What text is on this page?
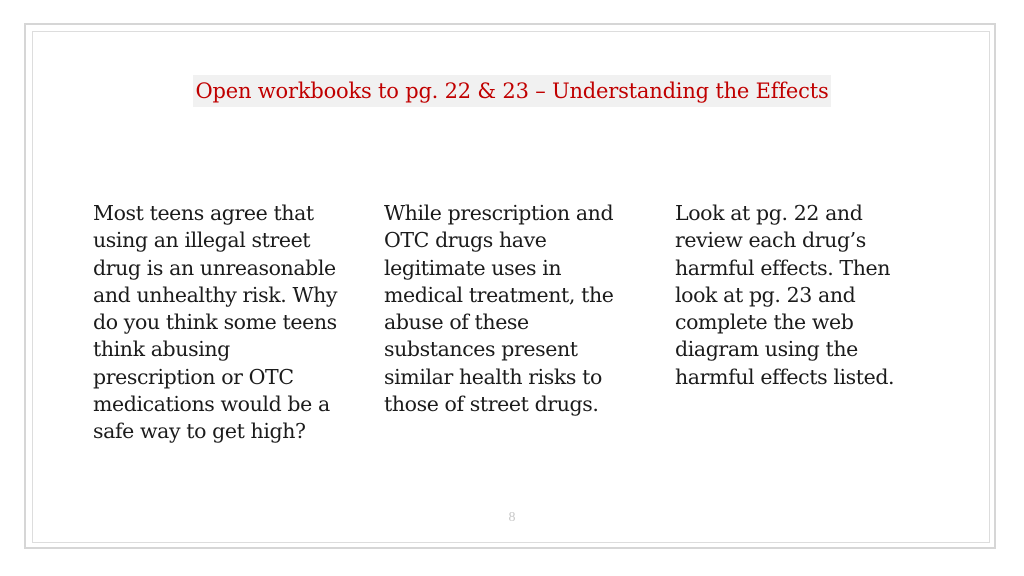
Open workbooks to pg. 22 & 23 – Understanding the Effects
Most teens agree that using an illegal street drug is an unreasonable and unhealthy risk. Why do you think some teens think abusing prescription or OTC medications would be a safe way to get high?
While prescription and OTC drugs have legitimate uses in medical treatment, the abuse of these substances present similar health risks to those of street drugs.
Look at pg. 22 and review each drug’s harmful effects. Then look at pg. 23 and complete the web diagram using the harmful effects listed.
8
